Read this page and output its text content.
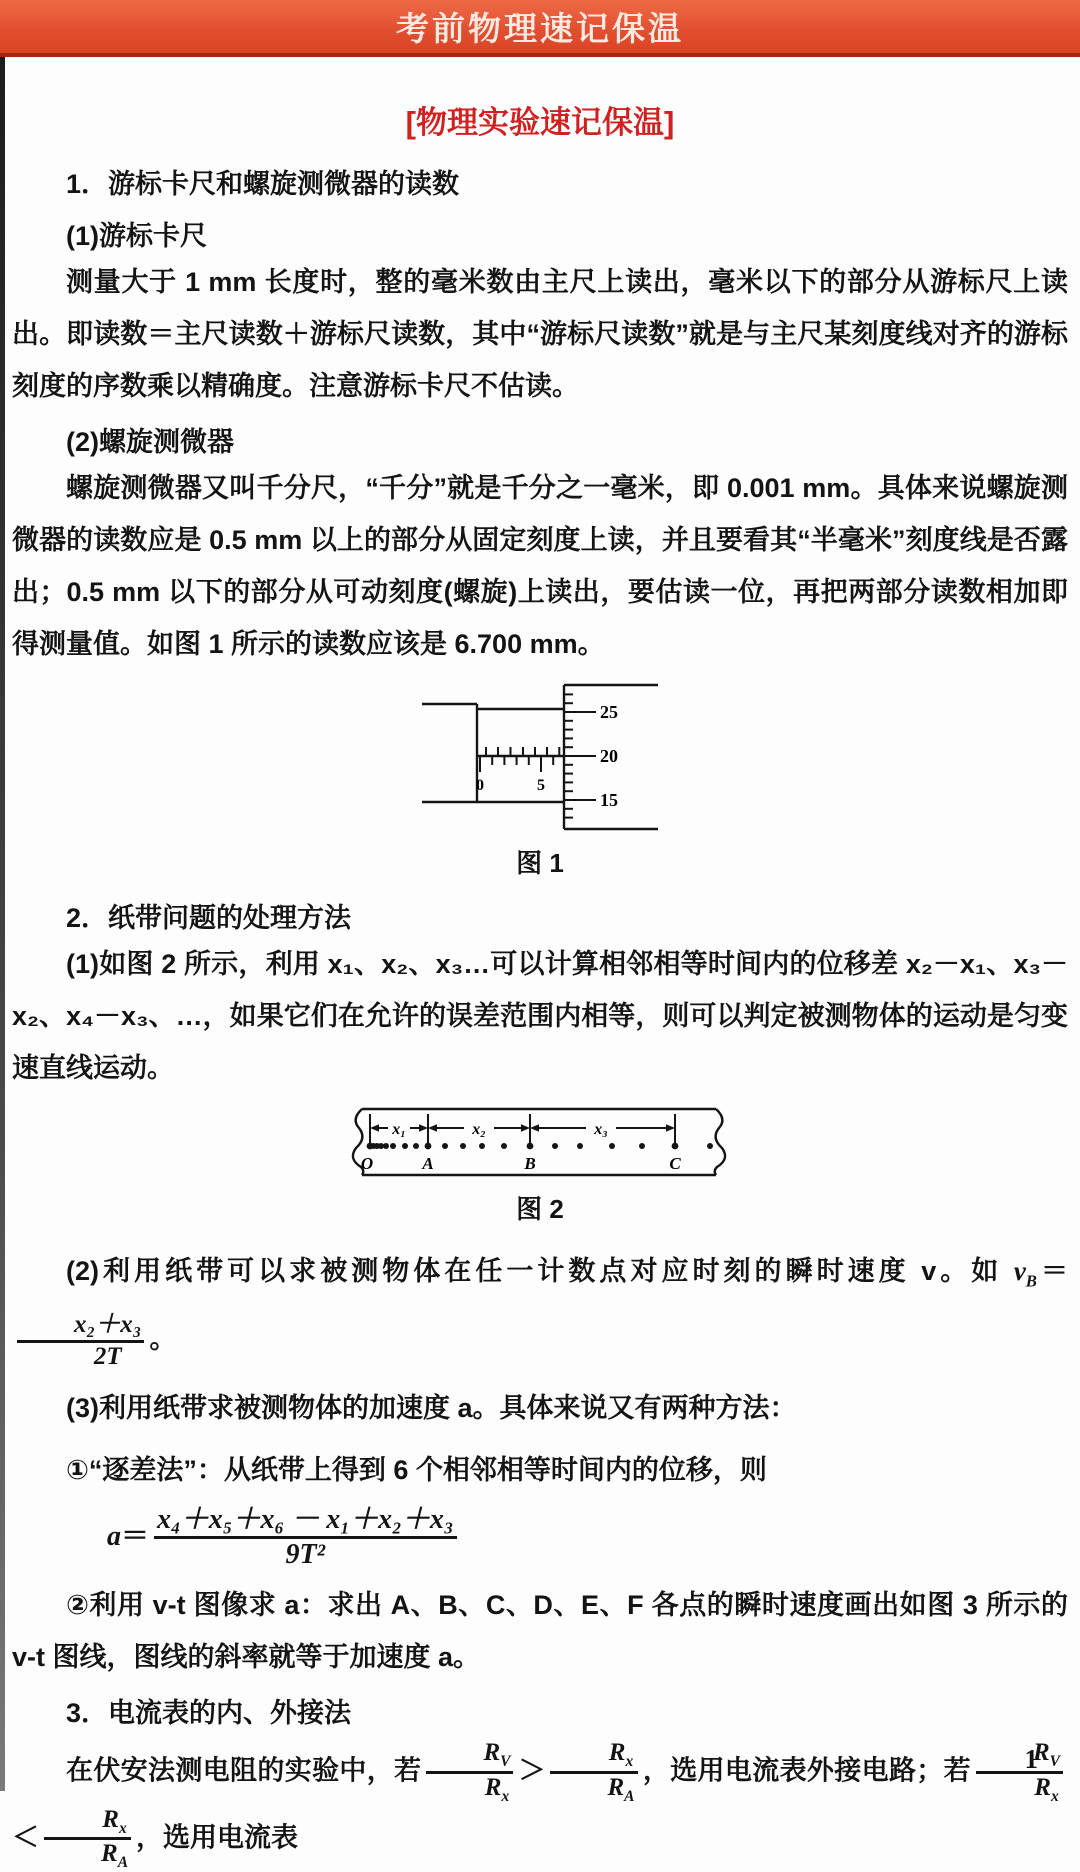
考前物理速记保温
[物理实验速记保温]
1．游标卡尺和螺旋测微器的读数
(1)游标卡尺

测量大于 1 mm 长度时，整的毫米数由主尺上读出，毫米以下的部分从游标尺上读出。即读数＝主尺读数＋游标尺读数，其中“游标尺读数”就是与主尺某刻度线对齐的游标刻度的序数乘以精确度。注意游标卡尺不估读。

(2)螺旋测微器

螺旋测微器又叫千分尺，“千分”就是千分之一毫米，即 0.001 mm。具体来说螺旋测微器的读数应是 0.5 mm 以上的部分从固定刻度上读，并且要看其“半毫米”刻度线是否露出；0.5 mm 以下的部分从可动刻度(螺旋)上读出，要估读一位，再把两部分读数相加即得测量值。如图 1 所示的读数应该是 6.700 mm。

0	5
25
20
15
图 1
2．纸带问题的处理方法

(1)如图 2 所示，利用 x₁、x₂、x₃…可以计算相邻相等时间内的位移差 x₂－x₁、x₃－x₂、x₄－x₃、…，如果它们在允许的误差范围内相等，则可以判定被测物体的运动是匀变速直线运动。

x₁	x₂	x₃
O	A	B	C
图 2

(2)利用纸带可以求被测物体在任一计数点对应时刻的瞬时速度 v。如 $v_B=$
$\frac{\text{x₂＋x₃}}{2T}$ 。

(3)利用纸带求被测物体的加速度 a。具体来说又有两种方法：

①“逐差法”：从纸带上得到 6 个相邻相等时间内的位移，则

$a= \frac{\text{x₄＋x₅＋x₆ － x₁＋x₂＋x₃}}{\text{9T²}}$

②利用 v-t 图像求 a：求出 A、B、C、D、E、F 各点的瞬时速度画出如图 3 所示的 v-t 图线，图线的斜率就等于加速度 a。

3．电流表的内、外接法

在伏安法测电阻的实验中，若 $\frac{R_V}{R_x} > \frac{R_x}{R_A}$ ，选用电流表外接电路；若 $\frac{R_V}{R_x}$
＜ $\frac{R_x}{R_A}$ ，选用电流表

1
